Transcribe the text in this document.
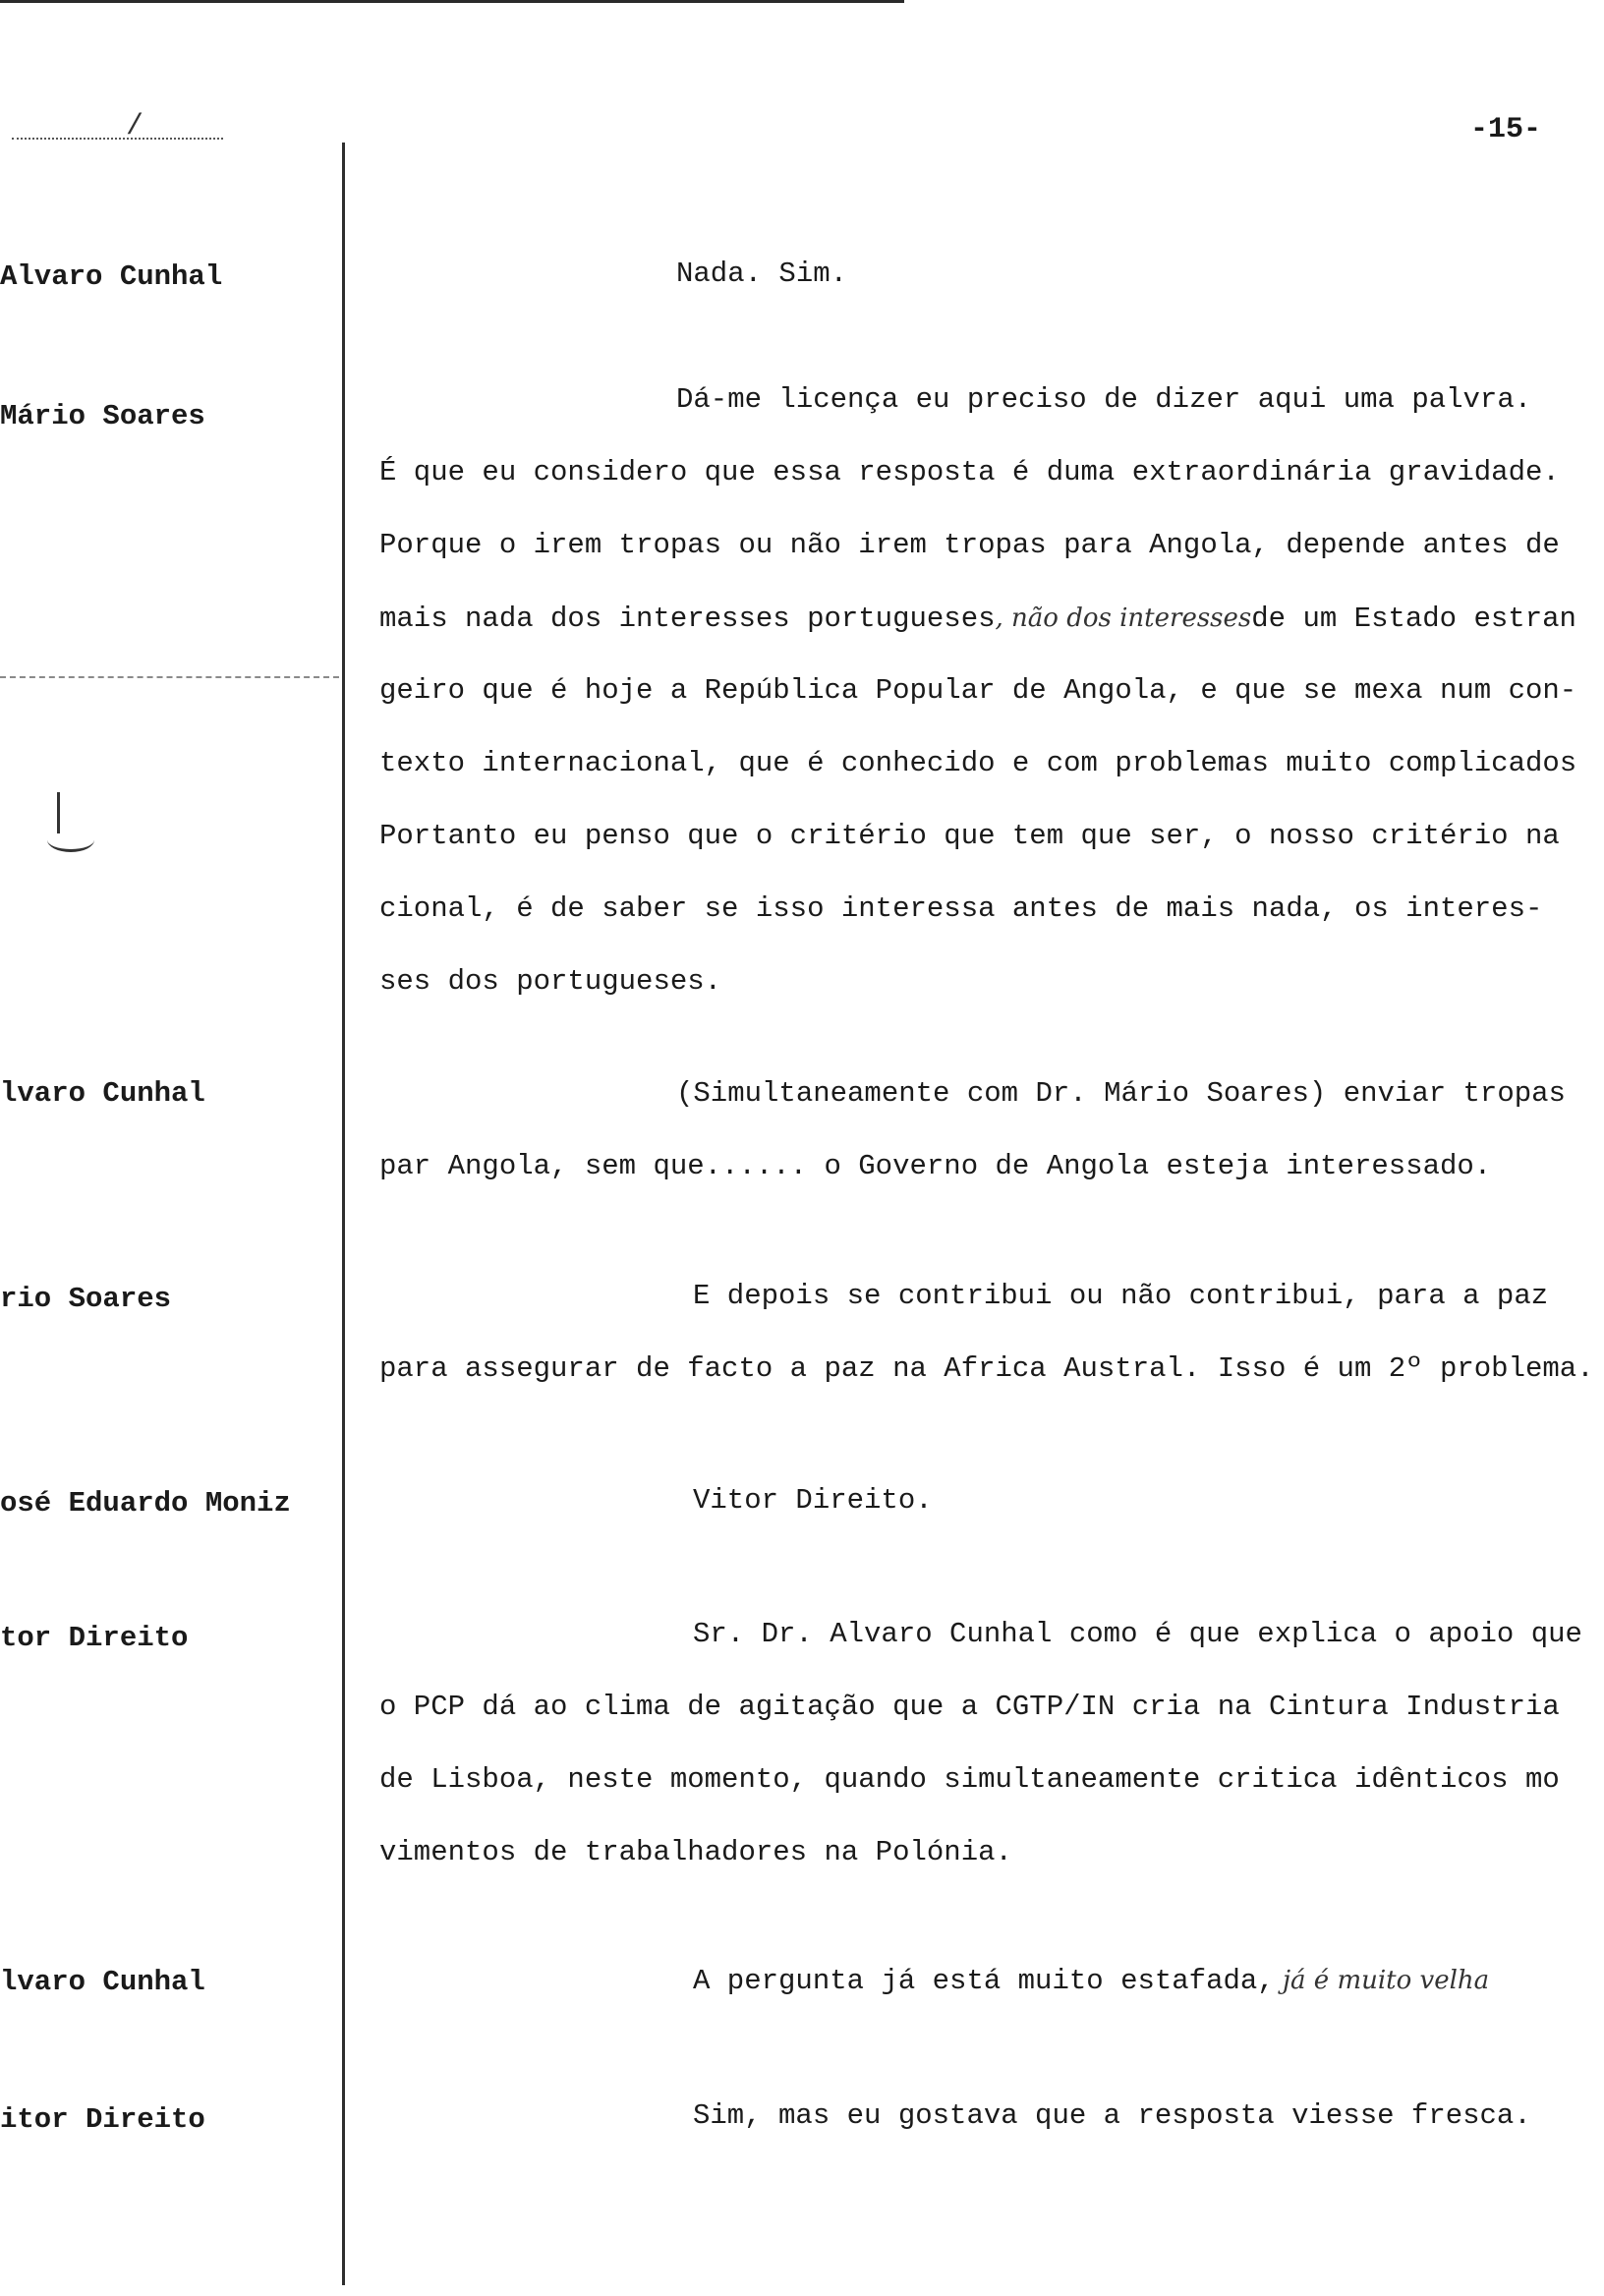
/	-15-
Alvaro Cunhal
Mário Soares
lvaro Cunhal
rio Soares
osé Eduardo Moniz
tor Direito
lvaro Cunhal
itor Direito
Nada. Sim.
Dá-me licença eu preciso de dizer aqui uma palvra.
É que eu considero que essa resposta é duma extraordinária gravidade.
Porque o irem tropas ou não irem tropas para Angola, depende antes de
mais nada dos interesses portugueses, não dos interessesde um Estado estran
geiro que é hoje a República Popular de Angola, e que se mexa num con-
texto internacional, que é conhecido e com problemas muito complicados
Portanto eu penso que o critério que tem que ser, o nosso critério na
cional, é de saber se isso interessa antes de mais nada, os interes-
ses dos portugueses.
(Simultaneamente com Dr. Mário Soares) enviar tropas
par Angola, sem que...... o Governo de Angola esteja interessado.
E depois se contribui ou não contribui, para a paz
para assegurar de facto a paz na Africa Austral. Isso é um 2º problema.
Vitor Direito.
Sr. Dr. Alvaro Cunhal como é que explica o apoio que
o PCP dá ao clima de agitação que a CGTP/IN cria na Cintura Industria
de Lisboa, neste momento, quando simultaneamente critica idênticos mo
vimentos de trabalhadores na Polónia.
A pergunta já está muito estafada, já é muito velha
Sim, mas eu gostava que a resposta viesse fresca.
